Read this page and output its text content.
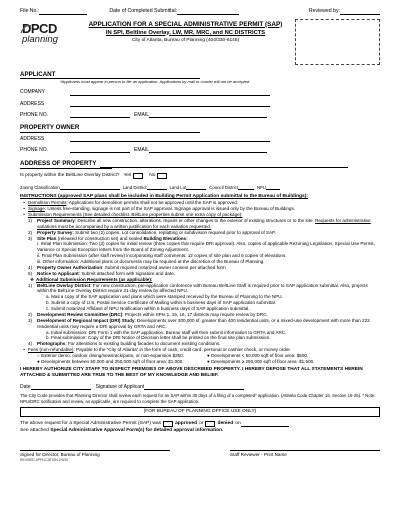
File No.:	Date of Completed Submittal:	Reviewed by:
DPCD
planning
APPLICATION FOR A SPECIAL ADMINISTRATIVE PERMIT (SAP)
IN SPI, Beltline Overlay, LW, MR, MRC, and NC DISTRICTS
City of Atlanta, Bureau of Planning (404/330-6145)
APPLICANT
*Applicants must appear in person to file an application. Applications by mail or courier will not be accepted.
COMPANY
ADDRESS
PHONE NO.	EMAIL
PROPERTY OWNER
ADDRESS
PHONE NO.	EMAIL
ADDRESS OF PROPERTY
Is property within the BeltLine Overlay District? Yes	No
Zoning Classification	Land District	Land Lot	Council District	NPU
INSTRUCTIONS (approved SAP plans shall be included in Building Permit Application submittal to the Bureau of Buildings):
• Demolition Permits: Applications for demolition permits shall not be approved until the SAP is approved.
• Signage: Unless free-standing, signage is not part of the SAP approval. Signage approval is issued only by the Bureau of Buildings.
• Submission Requirements (See detailed checklist. BeltLine properties submit one extra copy of package):
1)	Project Summary: Describe all new construction, alterations, repairs or other changes to the exterior of existing structures or to the site. Requests for administrative variations must be accompanied by a written justification for each variation requested.
2)	Property Survey: Submit two (2) copies. Lot consolidation, replatting or subdivision required prior to approval of SAP.
3)	Site Plan (released for construction set) and sealed Building Elevations:
i. Initial Plan Submission: Two (2) copies for initial review (three copies that require DRI approval). Also, copies of applicable Rezoning Legislation, Special Use Permit, Variance or Special Exception letters from the Board of Zoning Adjustment.
ii. Final Plan Submission (after staff review) incorporating staff comments: 12 copies of site plan and 6 copies of elevations.
iii. Other information: Additional plans or documents may be required at the discretion of the Bureau of Planning.
4)	Property Owner Authorization: Submit required notarized owner consent per attached form
5)	Notice to Applicant: Submit attached form with signature and date.
❖ Additional Submission Requirements (as applicable):
1)	BeltLine Overlay District: For new construction, pre-application conference with Bureau BeltLine Staff is required prior to SAP application submittal. Also, projects within the BeltLine Overlay District require 21-day review by affected NPU.
a. Mail a copy of the SAP application and plans which were stamped received by the Bureau of Planning to the NPU.
b. Submit a copy of U.S. Postal Service Certificate of Mailing within 5 business days of SAP application submittal.
c. Submit notarized Affidavit of NPU Notification within 5 business days of SAP application submittal.
2)	Development Review Committee (DRC): Projects within SPIs 1, 15, 16, 17 districts may require review by DRC.
3)	Development of Regional Impact (DRI) Study: Developments over 300,000 sf, greater than 400 residential units, or a mixed-use development with more than 222 residential units may require a DRI approval by GRTA and ARC.
a. Initial submission: DRI Form 1 with the SAP application. Bureau staff will then submit information to GRTA and ARC.
b. Final submission: Copy of the DRI Notice of Decision letter shall be printed on the final site plan submission.
4)	Photographs: For alterations to existing building facades to document existing conditions.
• Fees (non-refundable): Payable to the "City of Atlanta" in the form of cash, credit card, personal or cashier check, or money order.
○ Exterior demo, outdoor dining/newsrack/patio, or non-expansion $250.	● Developments < 50,000 sqft of floor area: $500.
● Developments between 50,000 and 250,000 sqft of floor area: $1,000.	● Developments ≥ 250,000 sqft of floor area: $1,500.
I HEREBY AUTHORIZE CITY STAFF TO INSPECT PREMISES OF ABOVE DESCRIBED PROPERTY. I HEREBY DEPOSE THAT ALL STATEMENTS HEREIN ATTACHED & SUBMITTED ARE TRUE TO THE BEST OF MY KNOWLEDGE AND BELIEF.
Date	Signature of Applicant
The City Code provides that Planning Director shall review each request for an SAP within 30 days of a filing of a completed* application. (Atlanta Code Chapter 16, Section 16-25). * Note: NPU/DRC notification and review, as applicable, are required to complete the SAP application.
(FOR BUREAU OF PLANNING OFFICE USE ONLY)
The above request for a Special Administrative Permit (SAP) was	approved or	denied on
See attached Special Administrative Approval Form(s) for detailed approval information.
Signed for Director, Bureau of Planning	Staff Reviewer - Print Name
REVISED APPLICATION 2/3/10
